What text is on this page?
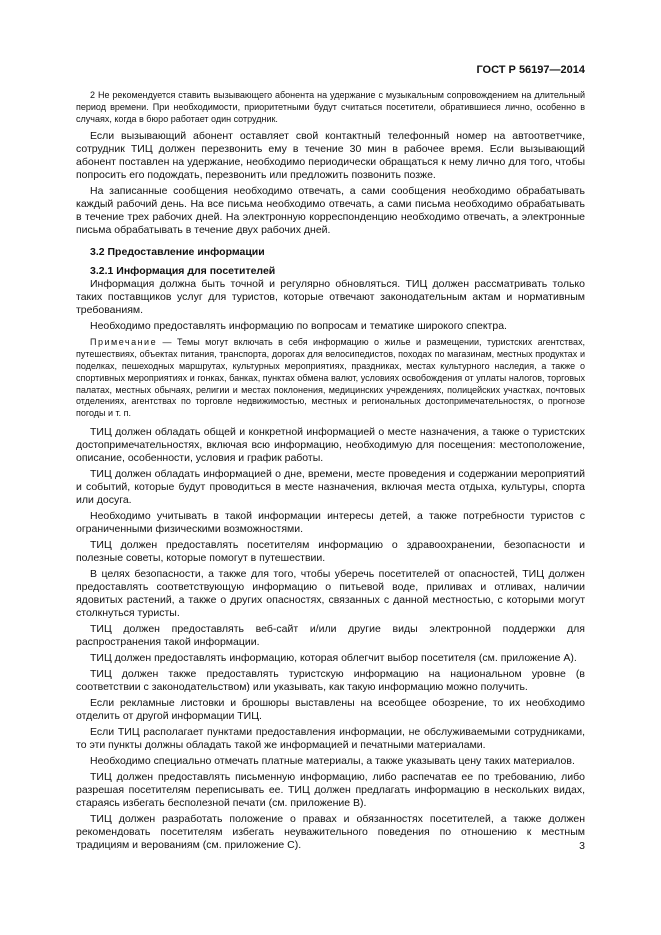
ГОСТ Р 56197—2014

2 Не рекомендуется ставить вызывающего абонента на удержание с музыкальным сопровождением на длительный период времени. При необходимости, приоритетными будут считаться посетители, обратившиеся лично, особенно в случаях, когда в бюро работает один сотрудник.

Если вызывающий абонент оставляет свой контактный телефонный номер на автоответчике, сотрудник ТИЦ должен перезвонить ему в течение 30 мин в рабочее время. Если вызывающий абонент поставлен на удержание, необходимо периодически обращаться к нему лично для того, чтобы попросить его подождать, перезвонить или предложить позвонить позже.

На записанные сообщения необходимо отвечать, а сами сообщения необходимо обрабатывать каждый рабочий день. На все письма необходимо отвечать, а сами письма необходимо обрабатывать в течение трех рабочих дней. На электронную корреспонденцию необходимо отвечать, а электронные письма обрабатывать в течение двух рабочих дней.

3.2 Предоставление информации
3.2.1 Информация для посетителей

Информация должна быть точной и регулярно обновляться. ТИЦ должен рассматривать только таких поставщиков услуг для туристов, которые отвечают законодательным актам и нормативным требованиям.

Необходимо предоставлять информацию по вопросам и тематике широкого спектра.

Примечание — Темы могут включать в себя информацию о жилье и размещении, туристских агентствах, путешествиях, объектах питания, транспорта, дорогах для велосипедистов, походах по магазинам, местных продуктах и поделках, пешеходных маршрутах, культурных мероприятиях, праздниках, местах культурного наследия, а также о спортивных мероприятиях и гонках, банках, пунктах обмена валют, условиях освобождения от уплаты налогов, торговых палатах, местных обычаях, религии и местах поклонения, медицинских учреждениях, полицейских участках, почтовых отделениях, агентствах по торговле недвижимостью, местных и региональных достопримечательностях, о прогнозе погоды и т. п.

ТИЦ должен обладать общей и конкретной информацией о месте назначения, а также о туристских достопримечательностях, включая всю информацию, необходимую для посещения: местоположение, описание, особенности, условия и график работы.

ТИЦ должен обладать информацией о дне, времени, месте проведения и содержании мероприятий и событий, которые будут проводиться в месте назначения, включая места отдыха, культуры, спорта или досуга.

Необходимо учитывать в такой информации интересы детей, а также потребности туристов с ограниченными физическими возможностями.

ТИЦ должен предоставлять посетителям информацию о здравоохранении, безопасности и полезные советы, которые помогут в путешествии.

В целях безопасности, а также для того, чтобы уберечь посетителей от опасностей, ТИЦ должен предоставлять соответствующую информацию о питьевой воде, приливах и отливах, наличии ядовитых растений, а также о других опасностях, связанных с данной местностью, с которыми могут столкнуться туристы.

ТИЦ должен предоставлять веб-сайт и/или другие виды электронной поддержки для распространения такой информации.

ТИЦ должен предоставлять информацию, которая облегчит выбор посетителя (см. приложение А).

ТИЦ должен также предоставлять туристскую информацию на национальном уровне (в соответствии с законодательством) или указывать, как такую информацию можно получить.

Если рекламные листовки и брошюры выставлены на всеобщее обозрение, то их необходимо отделить от другой информации ТИЦ.

Если ТИЦ располагает пунктами предоставления информации, не обслуживаемыми сотрудниками, то эти пункты должны обладать такой же информацией и печатными материалами.

Необходимо специально отмечать платные материалы, а также указывать цену таких материалов.

ТИЦ должен предоставлять письменную информацию, либо распечатав ее по требованию, либо разрешая посетителям переписывать ее. ТИЦ должен предлагать информацию в нескольких видах, стараясь избегать бесполезной печати (см. приложение В).

ТИЦ должен разработать положение о правах и обязанностях посетителей, а также должен рекомендовать посетителям избегать неуважительного поведения по отношению к местным традициям и верованиям (см. приложение С).	3
